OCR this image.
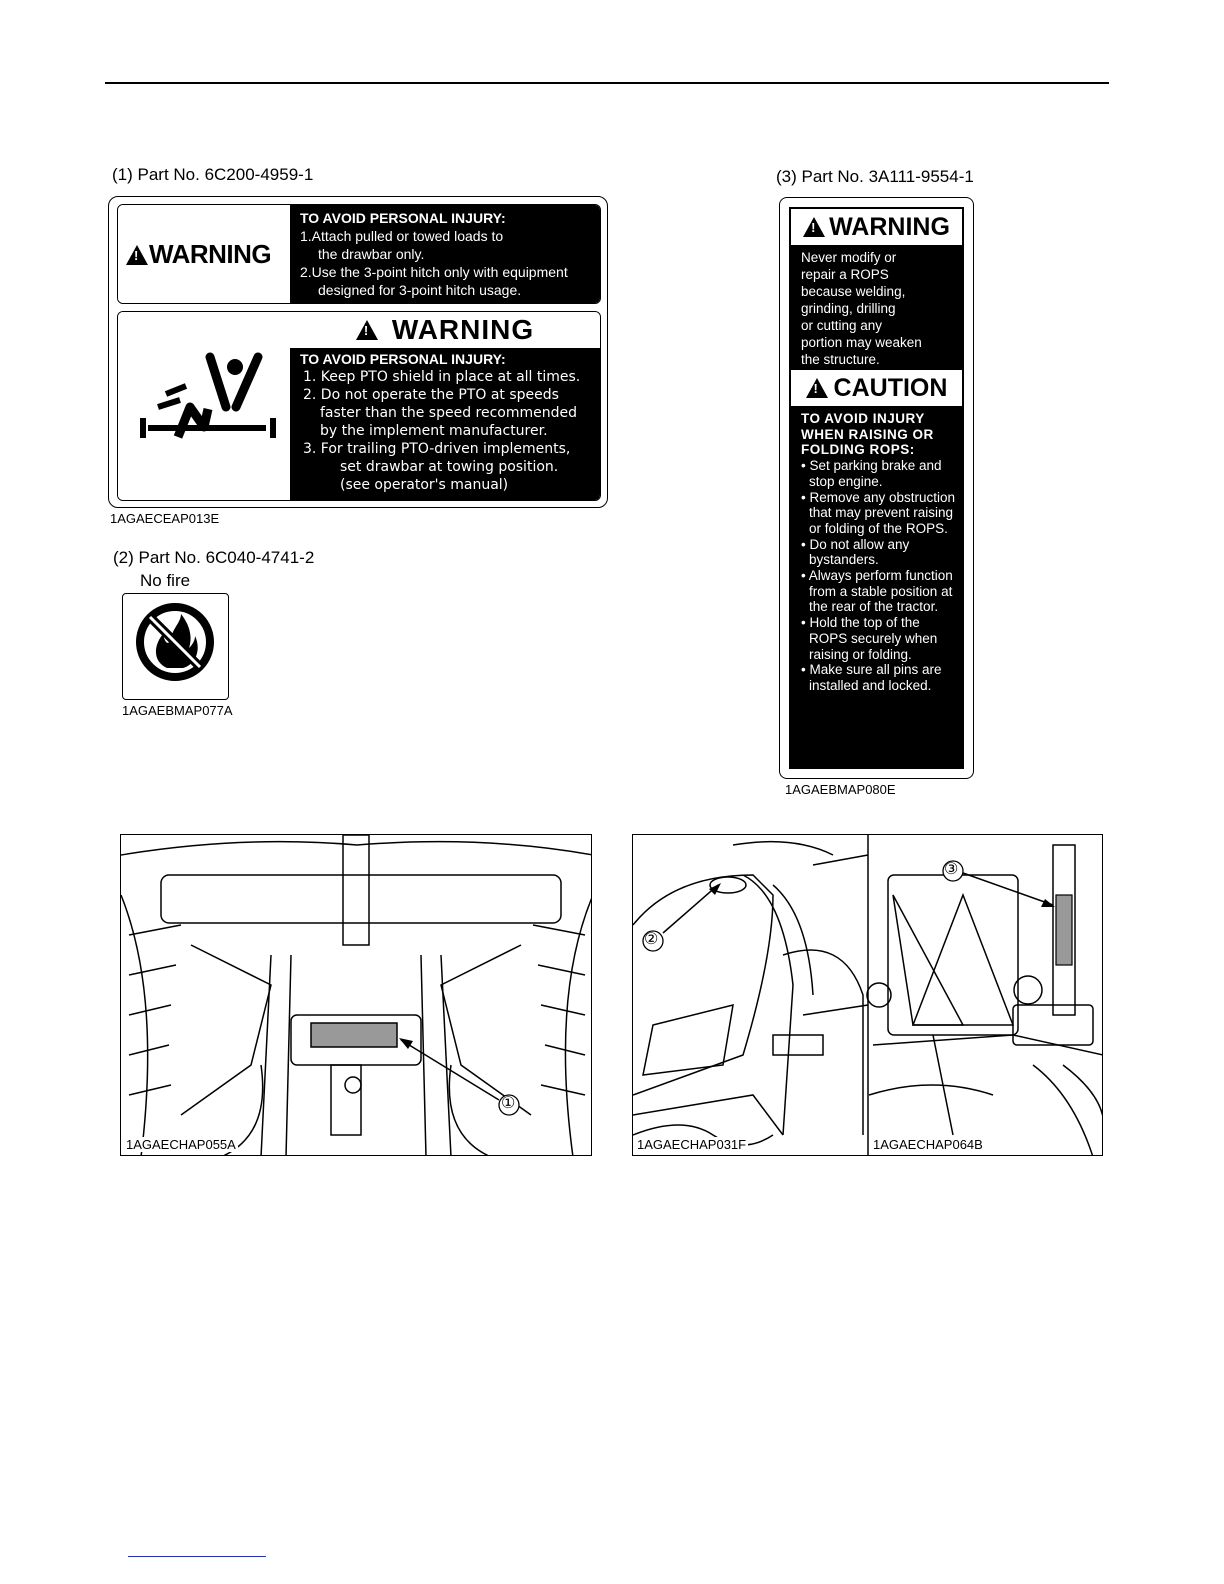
(1) Part No. 6C200-4959-1	(3) Part No. 3A111-9554-1
!
WARNING
TO AVOID PERSONAL INJURY:
1.Attach pulled or towed loads to
the drawbar only.
2.Use the 3-point hitch only with equipment
designed for 3-point hitch usage.
!
WARNING
TO AVOID PERSONAL INJURY:
1. Keep PTO shield in place at all times.
2. Do not operate the PTO at speeds
faster than the speed recommended
by the implement manufacturer.
3. For trailing PTO-driven implements,
set drawbar at towing position.
(see operator's manual)
1AGAECEAP013E
(2) Part No. 6C040-4741-2
No fire
1AGAEBMAP077A
!
WARNING
Never modify or
repair a ROPS
because welding,
grinding, drilling
or cutting any
portion may weaken
the structure.
!
CAUTION
TO AVOID INJURY
WHEN RAISING OR
FOLDING ROPS:
• Set parking brake and stop engine.
• Remove any obstruction that may prevent raising or folding of the ROPS.
• Do not allow any bystanders.
• Always perform function from a stable position at the rear of the tractor.
• Hold the top of the ROPS securely when raising or folding.
• Make sure all pins are installed and locked.
1AGAEBMAP080E
1AGAECHAP055A
①
②
③
1AGAECHAP031F	1AGAECHAP064B
